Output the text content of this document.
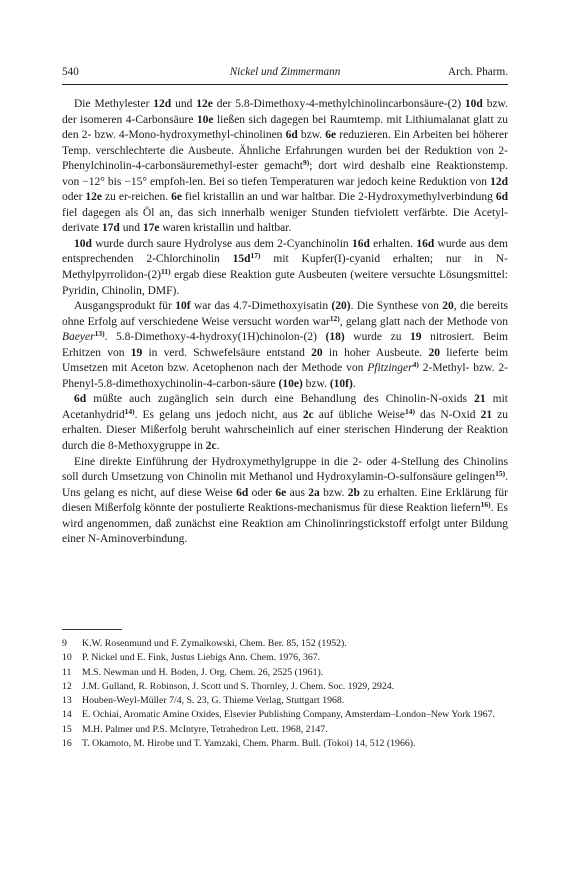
540	Nickel und Zimmermann	Arch. Pharm.

Die Methylester 12d und 12e der 5.8-Dimethoxy-4-methylchinolincarbonsäure-(2) 10d bzw. der isomeren 4-Carbonsäure 10e ließen sich dagegen bei Raumtemp. mit Lithiumalanat glatt zu den 2- bzw. 4-Mono-hydroxymethyl-chinolinen 6d bzw. 6e reduzieren. Ein Arbeiten bei höherer Temp. verschlechterte die Ausbeute. Ähnliche Erfahrungen wurden bei der Reduktion von 2-Phenylchinolin-4-carbonsäuremethyl-ester gemacht$^{9)}$; dort wird deshalb eine Reaktionstemp. von −12° bis −15° empfoh-len. Bei so tiefen Temperaturen war jedoch keine Reduktion von 12d oder 12e zu er-reichen. 6e fiel kristallin an und war haltbar. Die 2-Hydroxymethylverbindung 6d fiel dagegen als Öl an, das sich innerhalb weniger Stunden tiefviolett verfärbte. Die Acetyl-derivate 17d und 17e waren kristallin und haltbar.

10d wurde durch saure Hydrolyse aus dem 2-Cyanchinolin 16d erhalten. 16d wurde aus dem entsprechenden 2-Chlorchinolin $15d^{17)}$ mit Kupfer(I)-cyanid erhalten; nur in $N-Methylpyrrolidon-(2)^{11)}$ ergab diese Reaktion gute Ausbeuten (weitere versuchte Lösungsmittel: Pyridin, Chinolin, DMF).

Ausgangsprodukt für 10f war das 4.7-Dimethoxyisatin (20). Die Synthese von 20, die bereits ohne Erfolg auf verschiedene Weise versucht worden war$^{12)}$, gelang glatt nach der Methode von Baeyer$^{13)}$. 5.8-Dimethoxy-4-hydroxy(1H)chinolon-(2) (18) wurde zu 19 nitrosiert. Beim Erhitzen von 19 in verd. Schwefelsäure entstand 20 in hoher Ausbeute. 20 lieferte beim Umsetzen mit Aceton bzw. Acetophenon nach der Methode von Pfitzinger$^{4)}$ 2-Methyl- bzw. 2-Phenyl-5.8-dimethoxychinolin-4-carbon-säure (10e) bzw. (10f).

6d müßte auch zugänglich sein durch eine Behandlung des Chinolin-N-oxids 21 mit Acetanhydrid$^{14)}$. Es gelang uns jedoch nicht, aus 2c auf übliche Weise$^{14)}$ das N-Oxid 21 zu erhalten. Dieser Mißerfolg beruht wahrscheinlich auf einer sterischen Hinderung der Reaktion durch die 8-Methoxygruppe in 2c.

Eine direkte Einführung der Hydroxymethylgruppe in die 2- oder 4-Stellung des Chinolins soll durch Umsetzung von Chinolin mit Methanol und Hydroxylamin-O-sulfonsäure gelingen$^{15)}$. Uns gelang es nicht, auf diese Weise 6d oder 6e aus 2a bzw. 2b zu erhalten. Eine Erklärung für diesen Mißerfolg könnte der postulierte Reaktions-mechanismus für diese Reaktion liefern$^{16)}$. Es wird angenommen, daß zunächst eine Reaktion am Chinolinringstickstoff erfolgt unter Bildung einer N-Aminoverbindung.

9 K.W. Rosenmund und F. Zymalkowski, Chem. Ber. 85, 152 (1952).
10 P. Nickel und E. Fink, Justus Liebigs Ann. Chem. 1976, 367.
11 M.S. Newman und H. Boden, J. Org. Chem. 26, 2525 (1961).
12 J.M. Gulland, R. Robinson, J. Scott und S. Thornley, J. Chem. Soc. 1929, 2924.
13 Houben-Weyl-Müller 7/4, S. 23, G. Thieme Verlag, Stuttgart 1968.
14 E. Ochiai, Aromatic Amine Oxides, Elsevier Publishing Company, Amsterdam–London–New York 1967.
15 M.H. Palmer und P.S. McIntyre, Tetrahedron Lett. 1968, 2147.
16 T. Okamoto, M. Hirobe und T. Yamzaki, Chem. Pharm. Bull. (Tokoi) 14, 512 (1966).
